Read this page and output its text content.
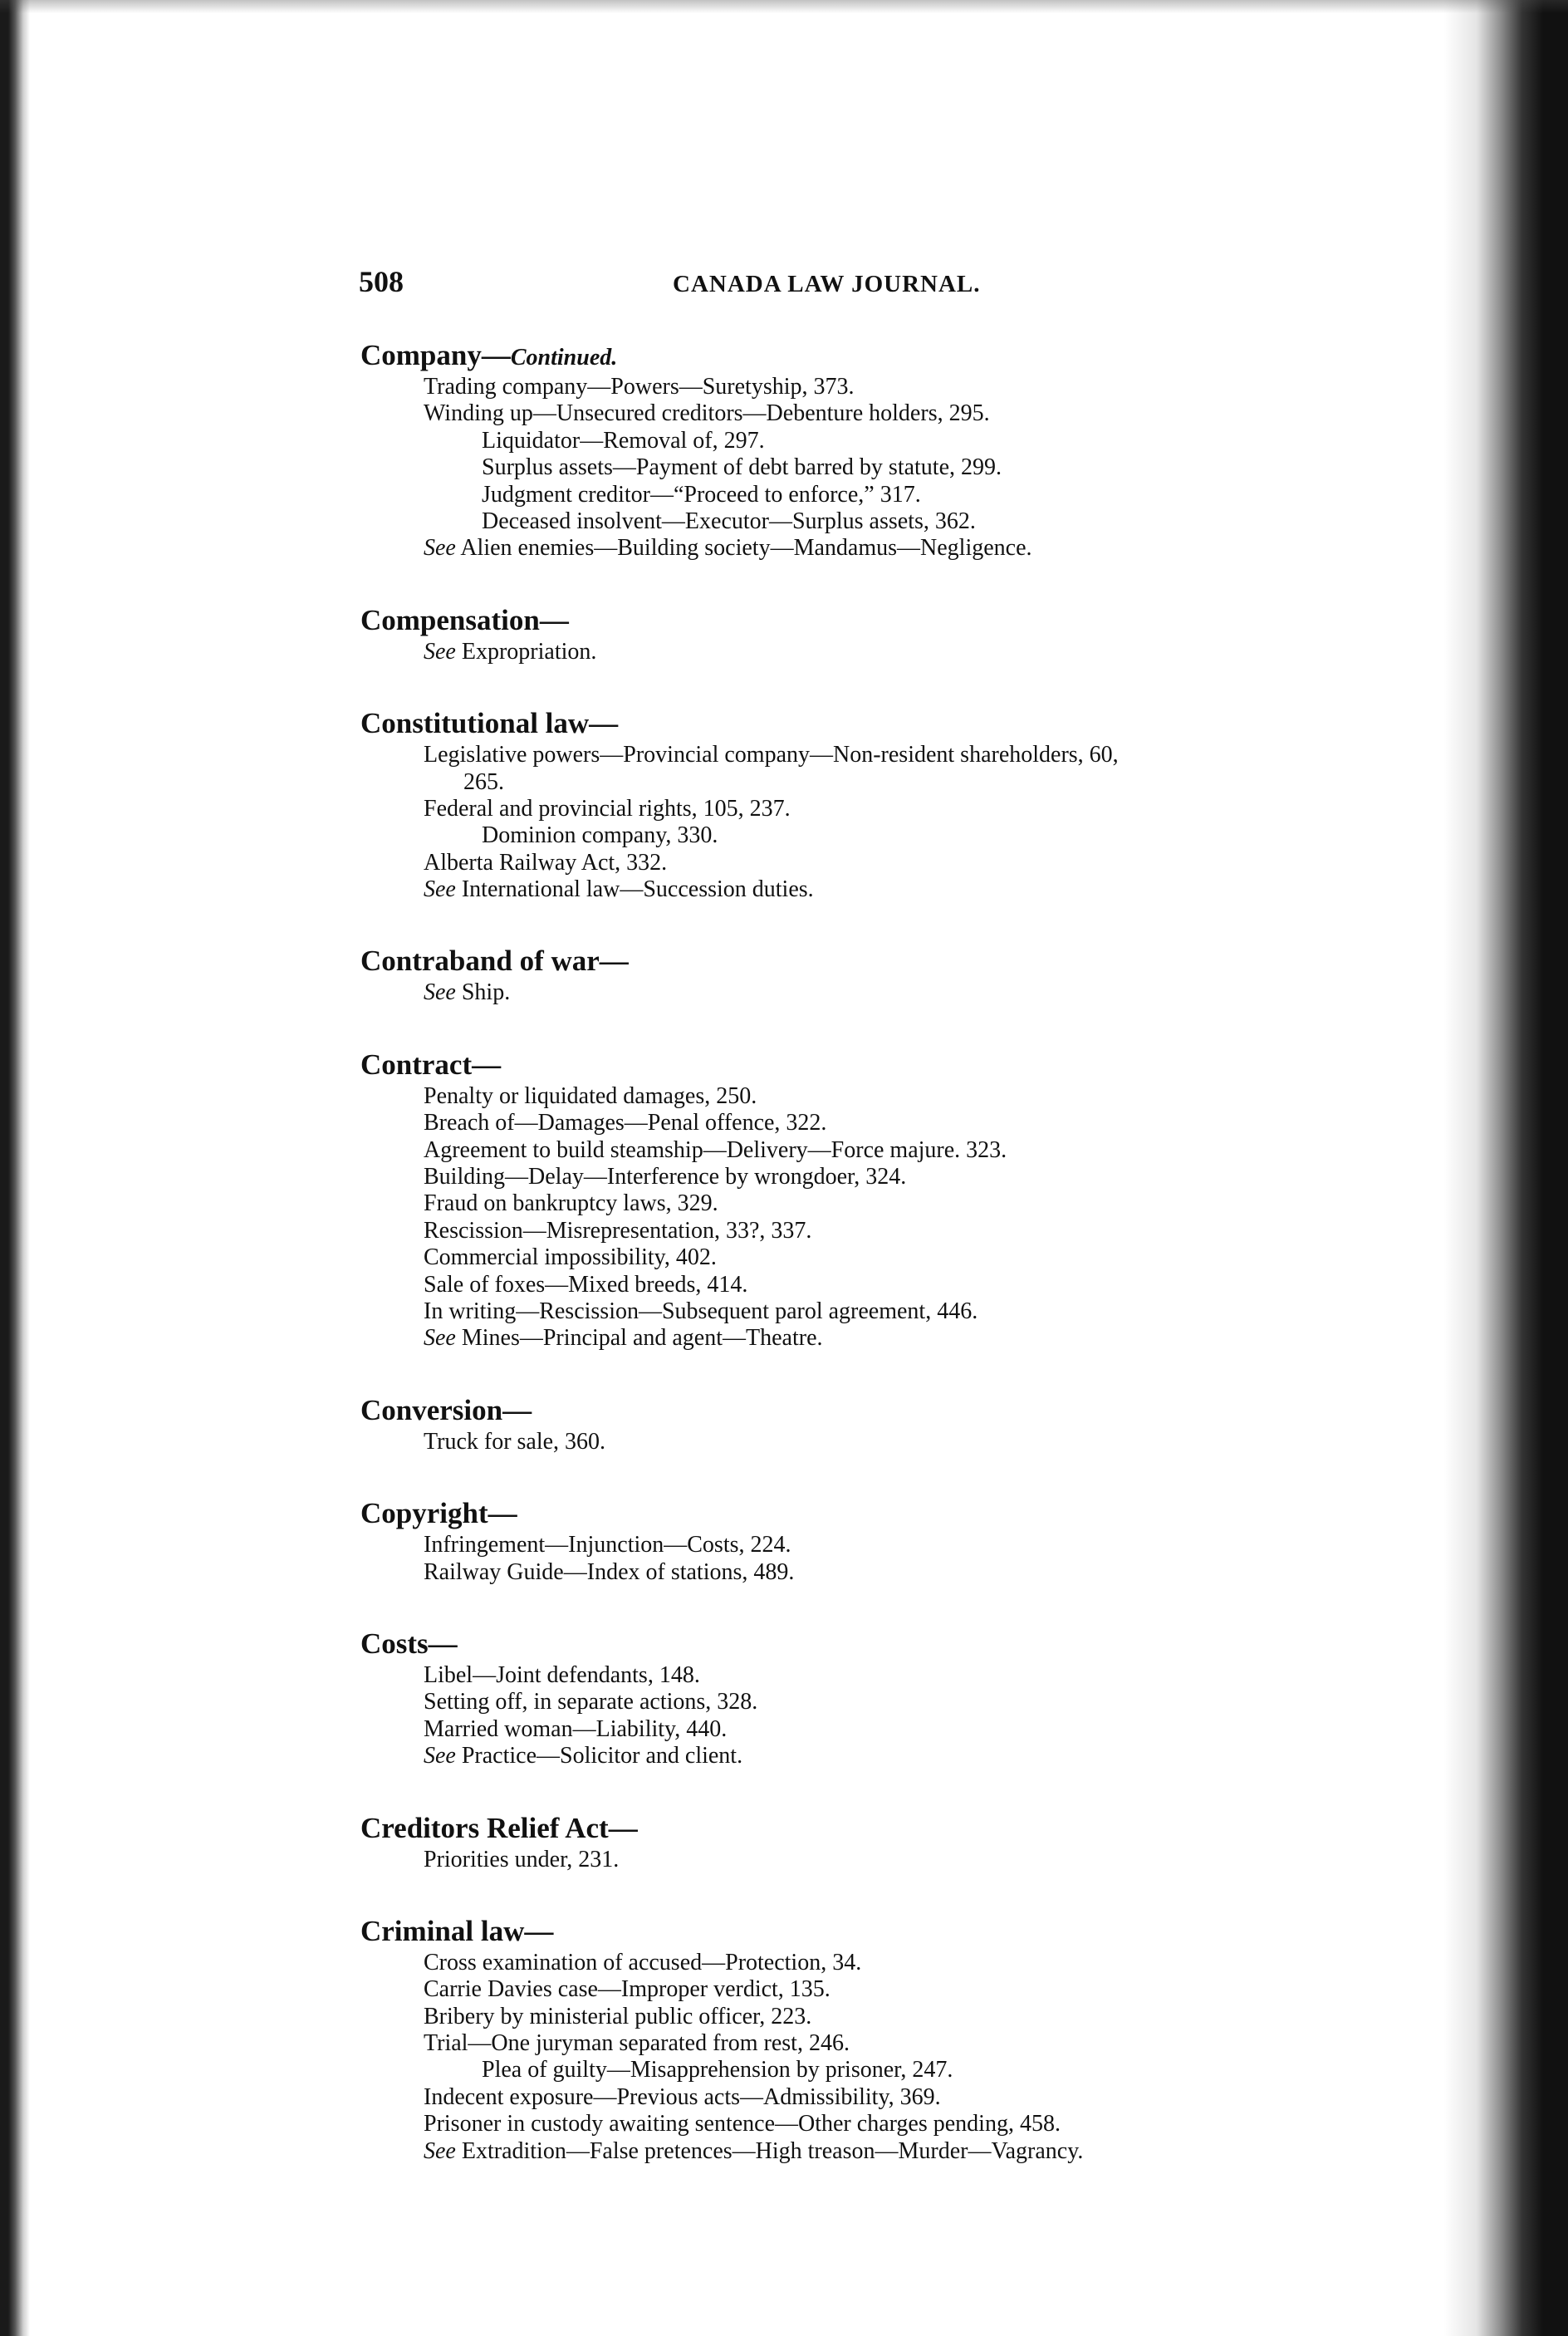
508	CANADA LAW JOURNAL.
Company—Continued.
Trading company—Powers—Suretyship, 373.
Winding up—Unsecured creditors—Debenture holders, 295.
Liquidator—Removal of, 297.
Surplus assets—Payment of debt barred by statute, 299.
Judgment creditor—“Proceed to enforce,” 317.
Deceased insolvent—Executor—Surplus assets, 362.
See Alien enemies—Building society—Mandamus—Negligence.
Compensation—
See Expropriation.
Constitutional law—
Legislative powers—Provincial company—Non-resident shareholders, 60,
265.
Federal and provincial rights, 105, 237.
Dominion company, 330.
Alberta Railway Act, 332.
See International law—Succession duties.
Contraband of war—
See Ship.
Contract—
Penalty or liquidated damages, 250.
Breach of—Damages—Penal offence, 322.
Agreement to build steamship—Delivery—Force majure. 323.
Building—Delay—Interference by wrongdoer, 324.
Fraud on bankruptcy laws, 329.
Rescission—Misrepresentation, 33?, 337.
Commercial impossibility, 402.
Sale of foxes—Mixed breeds, 414.
In writing—Rescission—Subsequent parol agreement, 446.
See Mines—Principal and agent—Theatre.
Conversion—
Truck for sale, 360.
Copyright—
Infringement—Injunction—Costs, 224.
Railway Guide—Index of stations, 489.
Costs—
Libel—Joint defendants, 148.
Setting off, in separate actions, 328.
Married woman—Liability, 440.
See Practice—Solicitor and client.
Creditors Relief Act—
Priorities under, 231.
Criminal law—
Cross examination of accused—Protection, 34.
Carrie Davies case—Improper verdict, 135.
Bribery by ministerial public officer, 223.
Trial—One juryman separated from rest, 246.
Plea of guilty—Misapprehension by prisoner, 247.
Indecent exposure—Previous acts—Admissibility, 369.
Prisoner in custody awaiting sentence—Other charges pending, 458.
See Extradition—False pretences—High treason—Murder—Vagrancy.
